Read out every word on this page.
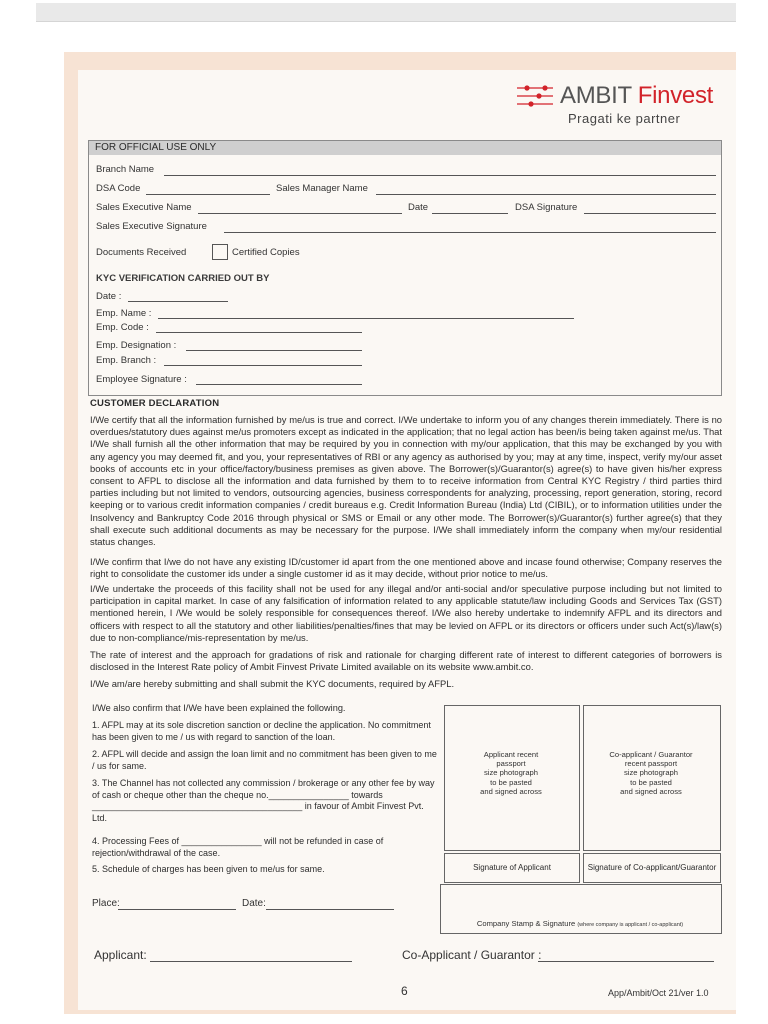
AMBIT Finvest
Pragati ke partner
FOR OFFICIAL USE ONLY
Branch Name
DSA Code	Sales Manager Name
Sales Executive Name	Date	DSA Signature
Sales Executive Signature
Documents Received	Certified Copies
KYC VERIFICATION CARRIED OUT BY
Date :
Emp. Name :
Emp. Code :
Emp. Designation :
Emp. Branch :
Employee Signature :
CUSTOMER DECLARATION
I/We certify that all the information furnished by me/us is true and correct. I/We undertake to inform you of any changes therein immediately. There is no overdues/statutory dues against me/us promoters except as indicated in the application; that no legal action has been/is being taken against me/us. That I/We shall furnish all the other information that may be required by you in connection with my/our application, that this may be exchanged by you with any agency you may deemed fit, and you, your representatives of RBI or any agency as authorised by you; may at any time, inspect, verify my/our asset books of accounts etc in your office/factory/business premises as given above. The Borrower(s)/Guarantor(s) agree(s) to have given his/her express consent to AFPL to disclose all the information and data furnished by them to to receive information from Central KYC Registry / third parties third parties including but not limited to vendors, outsourcing agencies, business correspondents for analyzing, processing, report generation, storing, record keeping or to various credit information companies / credit bureaus e.g. Credit Information Bureau (India) Ltd (CIBIL), or to information utilities under the Insolvency and Bankruptcy Code 2016 through physical or SMS or Email or any other mode. The Borrower(s)/Guarantor(s) further agree(s) that they shall execute such additional documents as may be necessary for the purpose. I/We shall immediately inform the company when my/our residential status changes.
I/We confirm that I/we do not have any existing ID/customer id apart from the one mentioned above and incase found otherwise; Company reserves the right to consolidate the customer ids under a single customer id as it may decide, without prior notice to me/us.
I/We undertake the proceeds of this facility shall not be used for any illegal and/or anti-social and/or speculative purpose including but not limited to participation in capital market. In case of any falsification of information related to any applicable statute/law including Goods and Services Tax (GST) mentioned herein, I /We would be solely responsible for consequences thereof. I/We also hereby undertake to indemnify AFPL and its directors and officers with respect to all the statutory and other liabilities/penalties/fines that may be levied on AFPL or its directors or officers under such Act(s)/law(s) due to non-compliance/mis-representation by me/us.
The rate of interest and the approach for gradations of risk and rationale for charging different rate of interest to different categories of borrowers is disclosed in the Interest Rate policy of Ambit Finvest Private Limited available on its website www.ambit.co.
I/We am/are hereby submitting and shall submit the KYC documents, required by AFPL.
I/We also confirm that I/We have been explained the following.
1. AFPL may at its sole discretion sanction or decline the application. No commitment has been given to me / us with regard to sanction of the loan.
2. AFPL will decide and assign the loan limit and no commitment has been given to me / us for same.
3. The Channel has not collected any commission / brokerage or any other fee by way of cash or cheque other than the cheque no.________________ towards __________________________________________ in favour of Ambit Finvest Pvt. Ltd.
4. Processing Fees of ________________ will not be refunded in case of rejection/withdrawal of the case.
5. Schedule of charges has been given to me/us for same.
Applicant recent
passport
size photograph
to be pasted
and signed across
Co-applicant / Guarantor
recent passport
size photograph
to be pasted
and signed across
Signature of Applicant	Signature of Co-applicant/Guarantor
Company Stamp & Signature (where company is applicant / co-applicant)
Place:	Date:
Applicant:	Co-Applicant / Guarantor :
6	App/Ambit/Oct 21/ver 1.0
